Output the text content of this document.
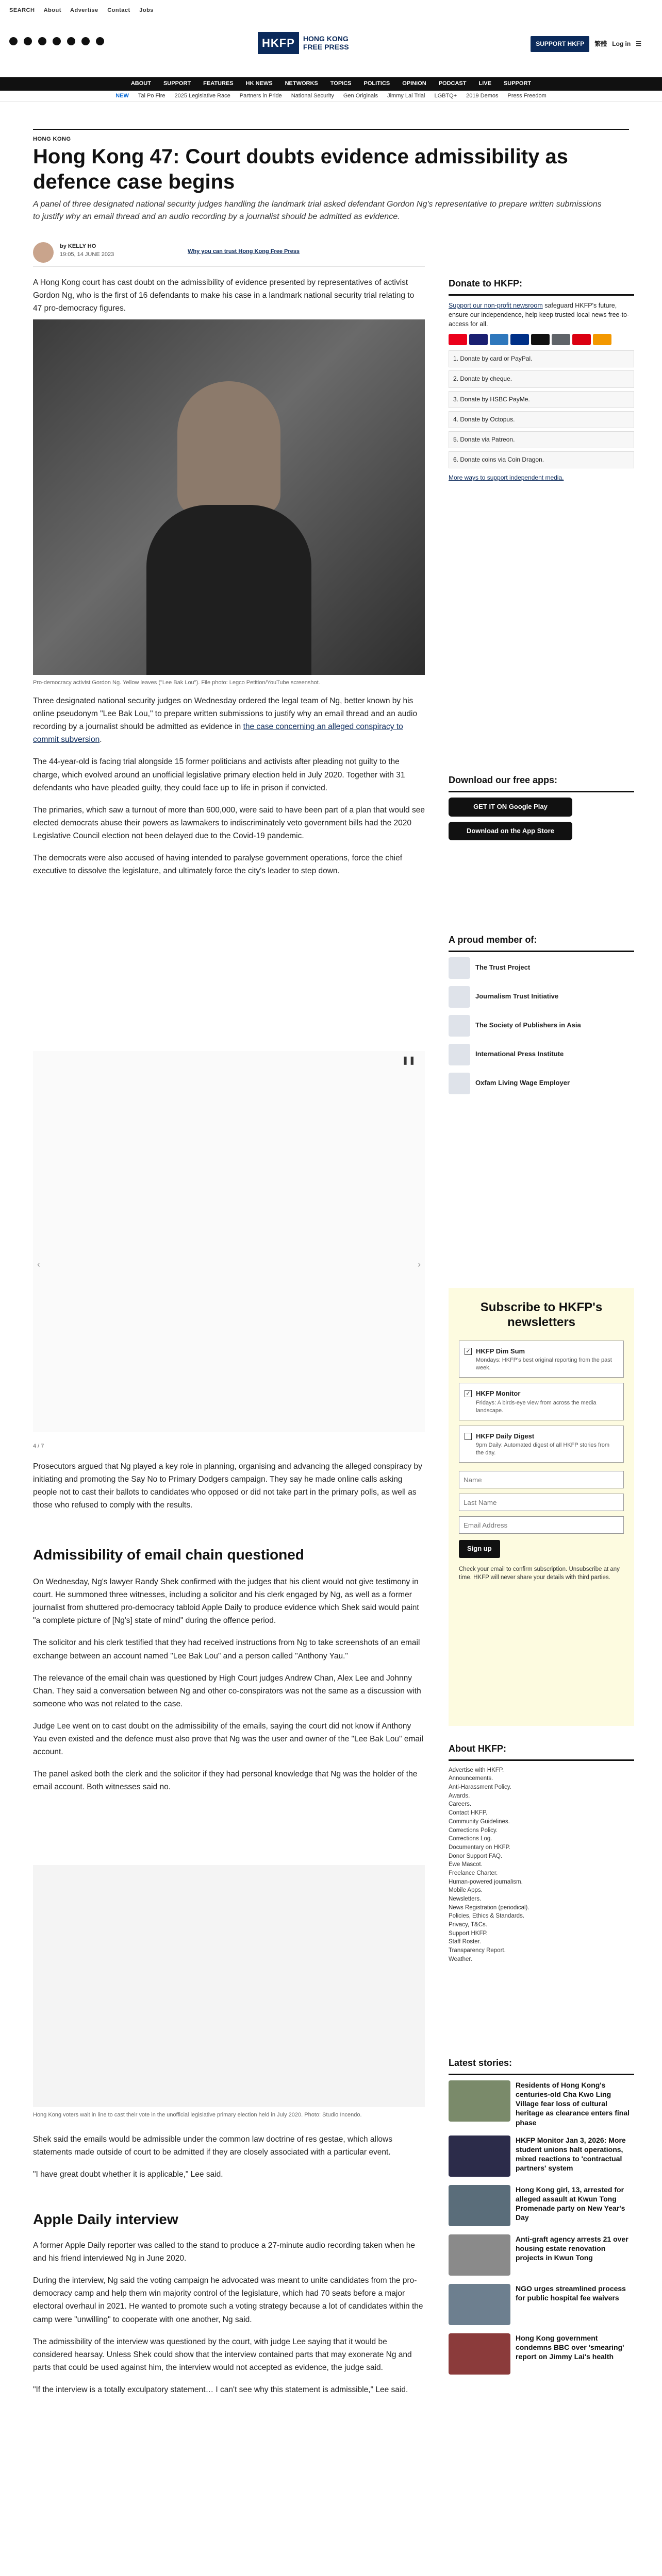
SEARCH About Advertise Contact Jobs
HKFP	HONG KONG
FREE PRESS	SUPPORT HKFP	繁體 Log in ☰
ABOUT SUPPORT FEATURES HK NEWS NETWORKS TOPICS POLITICS OPINION PODCAST LIVE SUPPORT
NEW Tai Po Fire 2025 Legislative Race Partners in Pride National Security Gen Originals Jimmy Lai Trial LGBTQ+ 2019 Demos Press Freedom
HONG KONG
Hong Kong 47: Court doubts evidence admissibility as defence case begins
A panel of three designated national security judges handling the landmark trial asked defendant Gordon Ng's representative to prepare written submissions to justify why an email thread and an audio recording by a journalist should be admitted as evidence.
by KELLY HO
19:05, 14 JUNE 2023	Why you can trust Hong Kong Free Press

A Hong Kong court has cast doubt on the admissibility of evidence presented by representatives of activist Gordon Ng, who is the first of 16 defendants to make his case in a landmark national security trial relating to 47 pro-democracy figures.

Pro-democracy activist Gordon Ng. Yellow leaves ("Lee Bak Lou"). File photo: Legco Petition/YouTube screenshot.

Three designated national security judges on Wednesday ordered the legal team of Ng, better known by his online pseudonym "Lee Bak Lou," to prepare written submissions to justify why an email thread and an audio recording by a journalist should be admitted as evidence in the case concerning an alleged conspiracy to commit subversion.

The 44-year-old is facing trial alongside 15 former politicians and activists after pleading not guilty to the charge, which evolved around an unofficial legislative primary election held in July 2020. Together with 31 defendants who have pleaded guilty, they could face up to life in prison if convicted.

The primaries, which saw a turnout of more than 600,000, were said to have been part of a plan that would see elected democrats abuse their powers as lawmakers to indiscriminately veto government bills had the 2020 Legislative Council election not been delayed due to the Covid-19 pandemic.

The democrats were also accused of having intended to paralyse government operations, force the chief executive to dissolve the legislature, and ultimately force the city's leader to step down.

❚❚
‹	›
4 / 7

Prosecutors argued that Ng played a key role in planning, organising and advancing the alleged conspiracy by initiating and promoting the Say No to Primary Dodgers campaign. They say he made online calls asking people not to cast their ballots to candidates who opposed or did not take part in the primary polls, as well as those who refused to comply with the results.

Admissibility of email chain questioned

On Wednesday, Ng's lawyer Randy Shek confirmed with the judges that his client would not give testimony in court. He summoned three witnesses, including a solicitor and his clerk engaged by Ng, as well as a former journalist from shuttered pro-democracy tabloid Apple Daily to produce evidence which Shek said would paint "a complete picture of [Ng's] state of mind" during the offence period.

The solicitor and his clerk testified that they had received instructions from Ng to take screenshots of an email exchange between an account named "Lee Bak Lou" and a person called "Anthony Yau."

The relevance of the email chain was questioned by High Court judges Andrew Chan, Alex Lee and Johnny Chan. They said a conversation between Ng and other co-conspirators was not the same as a discussion with someone who was not related to the case.

Judge Lee went on to cast doubt on the admissibility of the emails, saying the court did not know if Anthony Yau even existed and the defence must also prove that Ng was the user and owner of the "Lee Bak Lou" email account.

The panel asked both the clerk and the solicitor if they had personal knowledge that Ng was the holder of the email account. Both witnesses said no.

Hong Kong voters wait in line to cast their vote in the unofficial legislative primary election held in July 2020. Photo: Studio Incendo.

Shek said the emails would be admissible under the common law doctrine of res gestae, which allows statements made outside of court to be admitted if they are closely associated with a particular event.

"I have great doubt whether it is applicable," Lee said.

Apple Daily interview

A former Apple Daily reporter was called to the stand to produce a 27-minute audio recording taken when he and his friend interviewed Ng in June 2020.

During the interview, Ng said the voting campaign he advocated was meant to unite candidates from the pro-democracy camp and help them win majority control of the legislature, which had 70 seats before a major electoral overhaul in 2021. He wanted to promote such a voting strategy because a lot of candidates within the camp were "unwilling" to cooperate with one another, Ng said.

The admissibility of the interview was questioned by the court, with judge Lee saying that it would be considered hearsay. Unless Shek could show that the interview contained parts that may exonerate Ng and parts that could be used against him, the interview would not accepted as evidence, the judge said.

"If the interview is a totally exculpatory statement… I can't see why this statement is admissible," Lee said.

Donate to HKFP:

Support our non-profit newsroom safeguard HKFP's future, ensure our independence, help keep trusted local news free-to-access for all.

1. Donate by card or PayPal.
2. Donate by cheque.
3. Donate by HSBC PayMe.
4. Donate by Octopus.
5. Donate via Patreon.
6. Donate coins via Coin Dragon.
More ways to support independent media.
Download our free apps:
GET IT ON Google Play Download on the App Store
A proud member of:
The Trust Project
Journalism Trust Initiative
The Society of Publishers in Asia
International Press Institute
Oxfam Living Wage Employer
Subscribe to HKFP's newsletters
✓ HKFP Dim Sum
Mondays: HKFP's best original reporting from the past week.
✓ HKFP Monitor
Fridays: A birds-eye view from across the media landscape.
HKFP Daily Digest
9pm Daily: Automated digest of all HKFP stories from the day.
Name Last Name Email Address Sign up
Check your email to confirm subscription. Unsubscribe at any time. HKFP will never share your details with third parties.
About HKFP:
Advertise with HKFP.
Announcements.
Anti-Harassment Policy.
Awards.
Careers.
Contact HKFP.
Community Guidelines.
Corrections Policy.
Corrections Log.
Documentary on HKFP.
Donor Support FAQ.
Ewe Mascot.
Freelance Charter.
Human-powered journalism.
Mobile Apps.
Newsletters.
News Registration (periodical).
Policies, Ethics & Standards.
Privacy, T&Cs.
Support HKFP.
Staff Roster.
Transparency Report.
Weather.
Latest stories:
Residents of Hong Kong's centuries-old Cha Kwo Ling Village fear loss of cultural heritage as clearance enters final phase
HKFP Monitor Jan 3, 2026: More student unions halt operations, mixed reactions to 'contractual partners' system
Hong Kong girl, 13, arrested for alleged assault at Kwun Tong Promenade party on New Year's Day
Anti-graft agency arrests 21 over housing estate renovation projects in Kwun Tong
NGO urges streamlined process for public hospital fee waivers
Hong Kong government condemns BBC over 'smearing' report on Jimmy Lai's health
